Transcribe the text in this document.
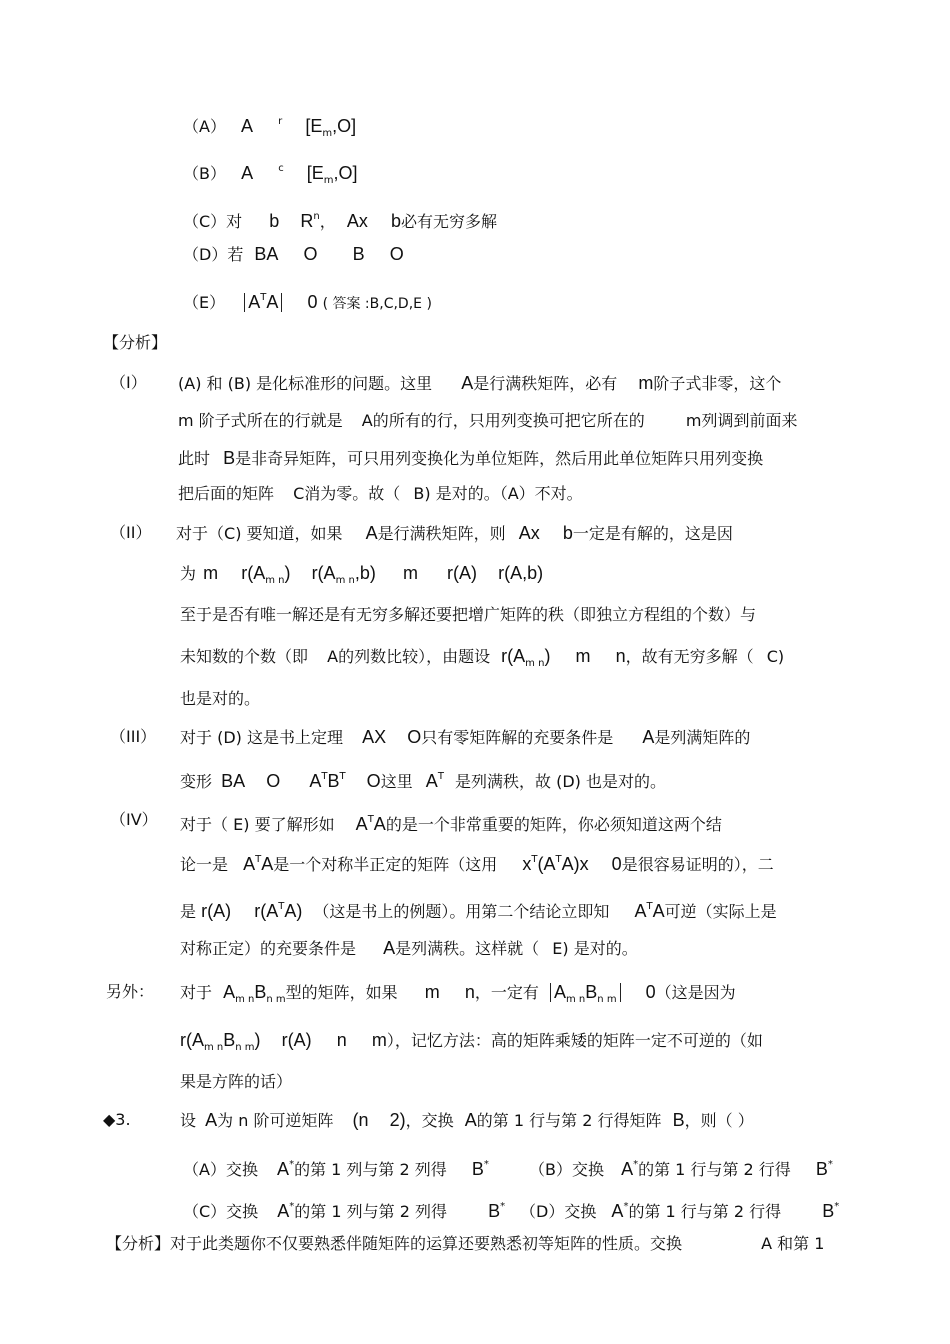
（A） A	$^r$ $[E_m,O]$
（B） A	$^c$ $[E_m,O]$
（C）对 b $R^n$， Ax b必有无穷多解
（D）若 BA O B O
（E） $A^TA$ 0 ( 答案 :B,C,D,E )
【分析】
（I） (A) 和 (B) 是化标准形的问题。这里 A是行满秩矩阵，必有 m阶子式非零，这个
m 阶子式所在的行就是 A的所有的行，只用列变换可把它所在的	m列调到前面来
此时 B是非奇异矩阵，可只用列变换化为单位矩阵，然后用此单位矩阵只用列变换
把后面的矩阵 C消为零。故（ B) 是对的。（A）不对。
（II） 对于（C) 要知道，如果 A是行满秩矩阵，则 Ax b一定是有解的，这是因
为 m $r(A_{m n})$ $r(A_{m n},b)$ m r(A) r(A,b)
至于是否有唯一解还是有无穷多解还要把增广矩阵的秩（即独立方程组的个数）与
未知数的个数（即 A的列数比较），由题设 $r(A_{m n})$ m n，故有无穷多解（ C)
也是对的。
（III） 对于 (D) 这是书上定理 AX O只有零矩阵解的充要条件是 A是列满矩阵的
变形 BA O $A^TB^T$ O这里 $A^T$ 是列满秩，故 (D) 也是对的。
（IV） 对于（ E) 要了解形如 $A^TA$的是一个非常重要的矩阵，你必须知道这两个结
论一是 $A^TA$是一个对称半正定的矩阵（这用 $x^T(A^TA)x$ 0是很容易证明的），二
是 r(A) $r(A^TA)$ （这是书上的例题）。用第二个结论立即知 $A^TA$可逆（实际上是
对称正定）的充要条件是 A是列满秩。这样就（ E) 是对的。
另外： 对于 $A_{m n}B_{n m}$型的矩阵，如果 m n，一定有 $A_{m n}B_{n m}$ 0（这是因为
$r(A_{m n}B_{n m})$ r(A) n m），记忆方法：高的矩阵乘矮的矩阵一定不可逆的（如
果是方阵的话）
◆3.	设 A为 n 阶可逆矩阵 (n 2)，交换 A的第 1 行与第 2 行得矩阵 B，则（ ）
（A）交换 A*的第 1 列与第 2 列得 B*	（B）交换 A*的第 1 行与第 2 行得 B*
（C）交换 A*的第 1 列与第 2 列得 B* （D）交换 A*的第 1 行与第 2 行得 B*
【分析】对于此类题你不仅要熟悉伴随矩阵的运算还要熟悉初等矩阵的性质。交换	A 和第 1
